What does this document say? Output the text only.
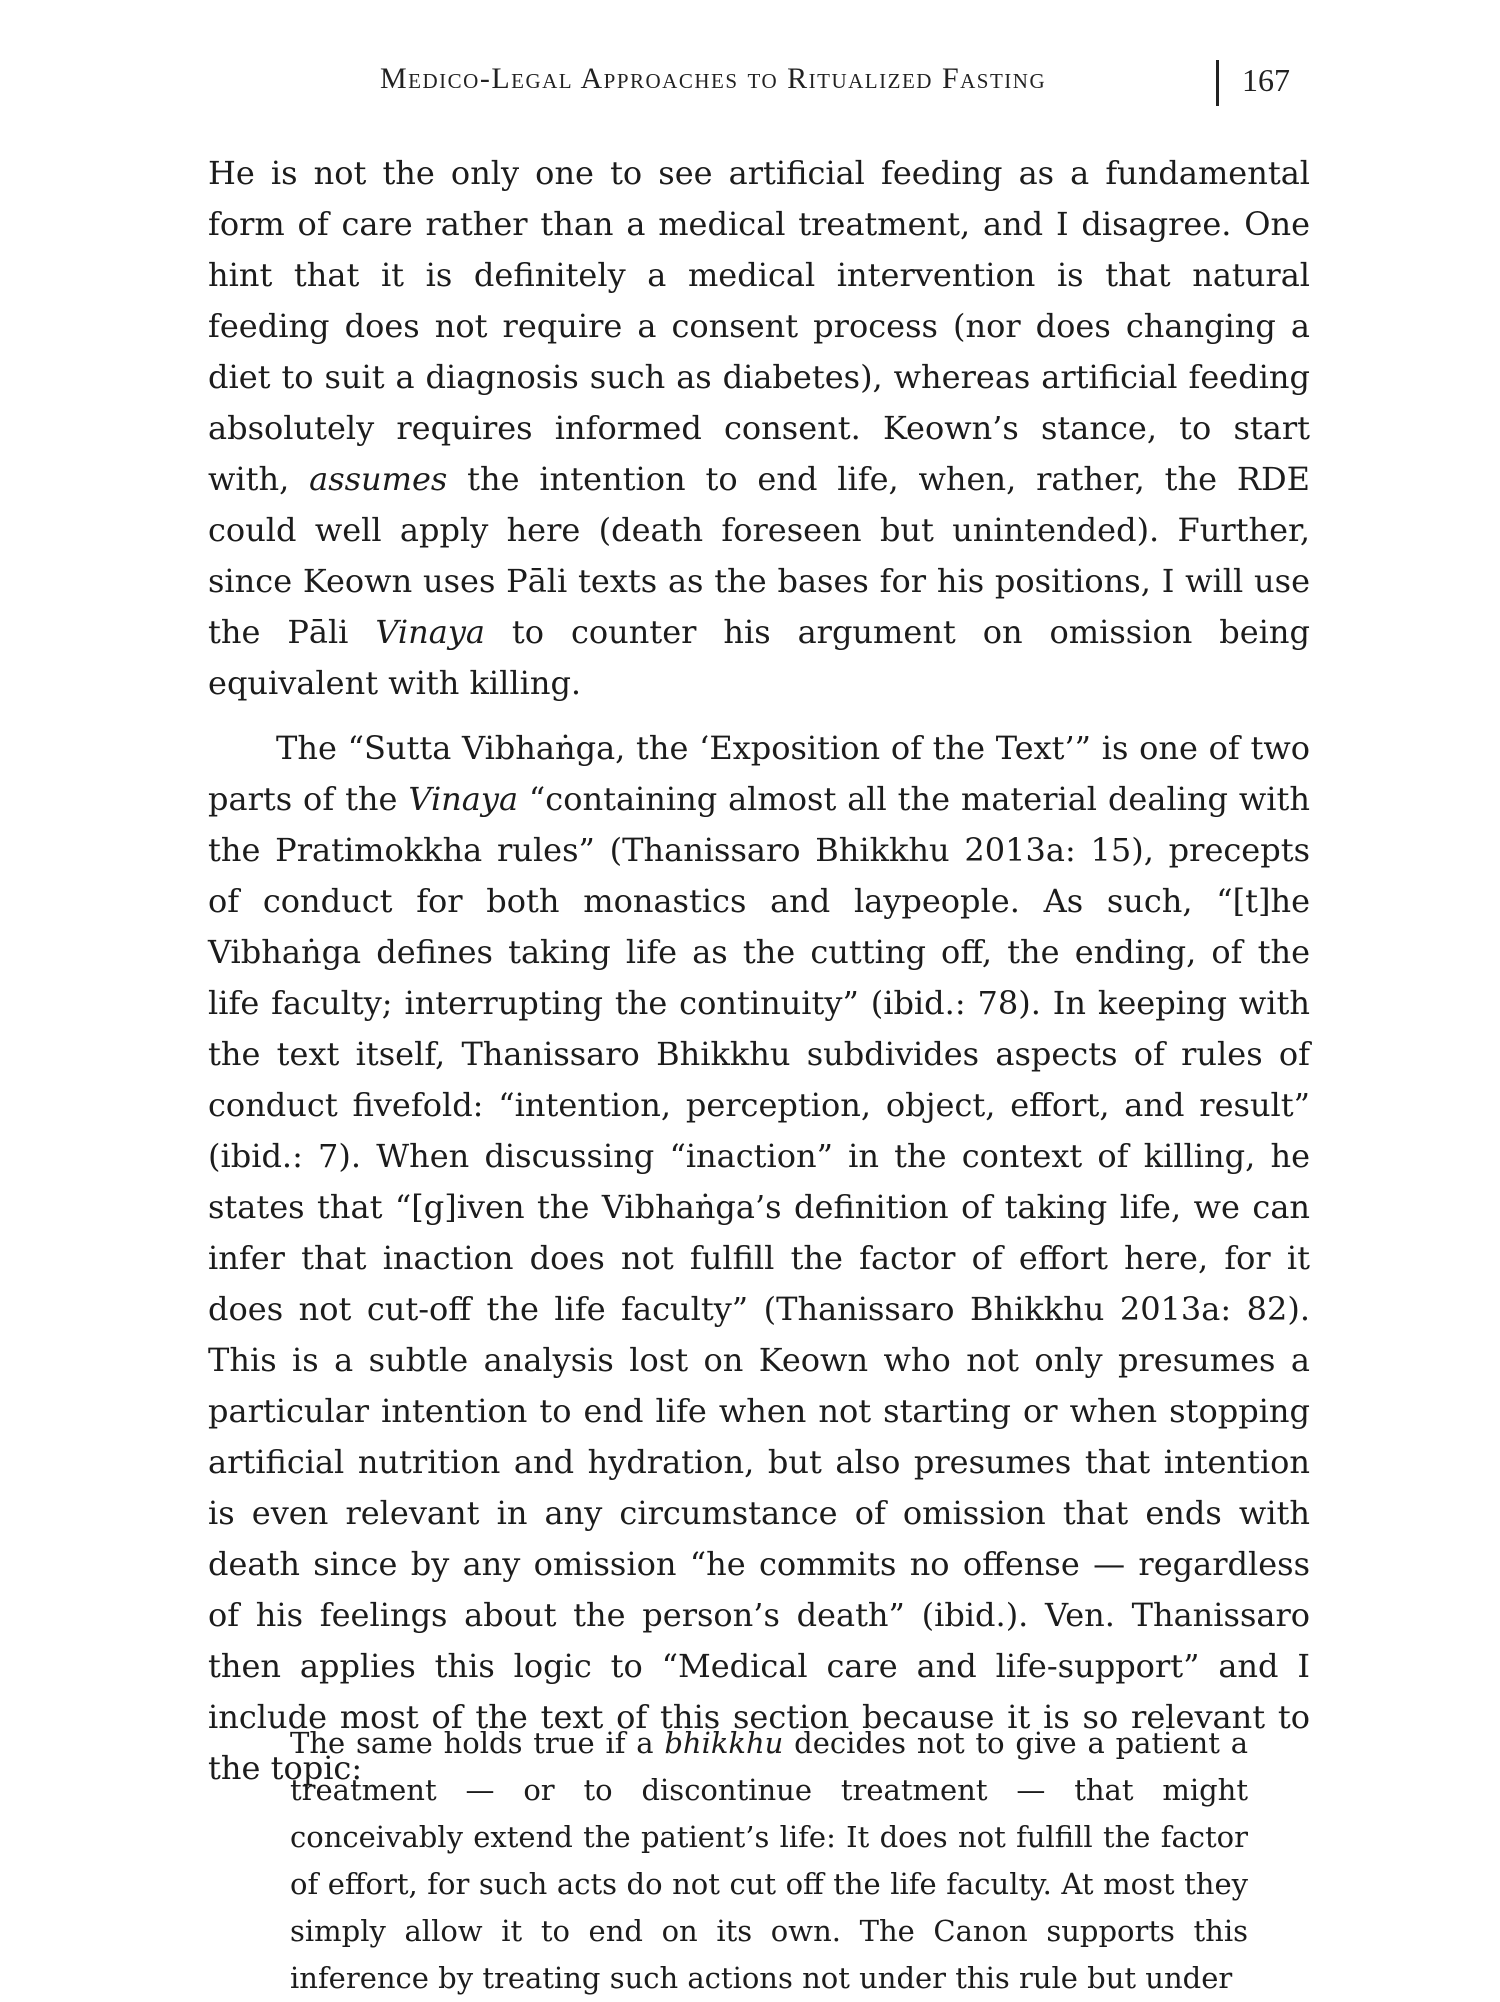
Medico-Legal Approaches to Ritualized Fasting	167

He is not the only one to see artificial feeding as a fundamental form of care rather than a medical treatment, and I disagree. One hint that it is definitely a medical intervention is that natural feeding does not require a consent process (nor does changing a diet to suit a diagnosis such as diabetes), whereas artificial feeding absolutely requires informed consent. Keown’s stance, to start with, assumes the intention to end life, when, rather, the RDE could well apply here (death foreseen but unintended). Further, since Keown uses Pāli texts as the bases for his positions, I will use the Pāli Vinaya to counter his argument on omission being equivalent with killing.

The “Sutta Vibhaṅga, the ‘Exposition of the Text’” is one of two parts of the Vinaya “containing almost all the material dealing with the Pratimokkha rules” (Thanissaro Bhikkhu 2013a: 15), precepts of conduct for both monastics and laypeople. As such, “[t]he Vibhaṅga defines taking life as the cutting off, the ending, of the life faculty; interrupting the continuity” (ibid.: 78). In keeping with the text itself, Thanissaro Bhikkhu subdivides aspects of rules of conduct fivefold: “intention, perception, object, effort, and result” (ibid.: 7). When discussing “inaction” in the context of killing, he states that “[g]iven the Vibhaṅga’s definition of taking life, we can infer that inaction does not fulfill the factor of effort here, for it does not cut-off the life faculty” (Thanissaro Bhikkhu 2013a: 82). This is a subtle analysis lost on Keown who not only presumes a particular intention to end life when not starting or when stopping artificial nutrition and hydration, but also presumes that intention is even relevant in any circumstance of omission that ends with death since by any omission “he commits no offense — regardless of his feelings about the person’s death” (ibid.). Ven. Thanissaro then applies this logic to “Medical care and life-support” and I include most of the text of this section because it is so relevant to the topic:

The same holds true if a bhikkhu decides not to give a patient a treatment — or to discontinue treatment — that might conceivably extend the patient’s life: It does not fulfill the factor of effort, for such acts do not cut off the life faculty. At most they simply allow it to end on its own. The Canon supports this inference by treating such actions not under this rule but under
